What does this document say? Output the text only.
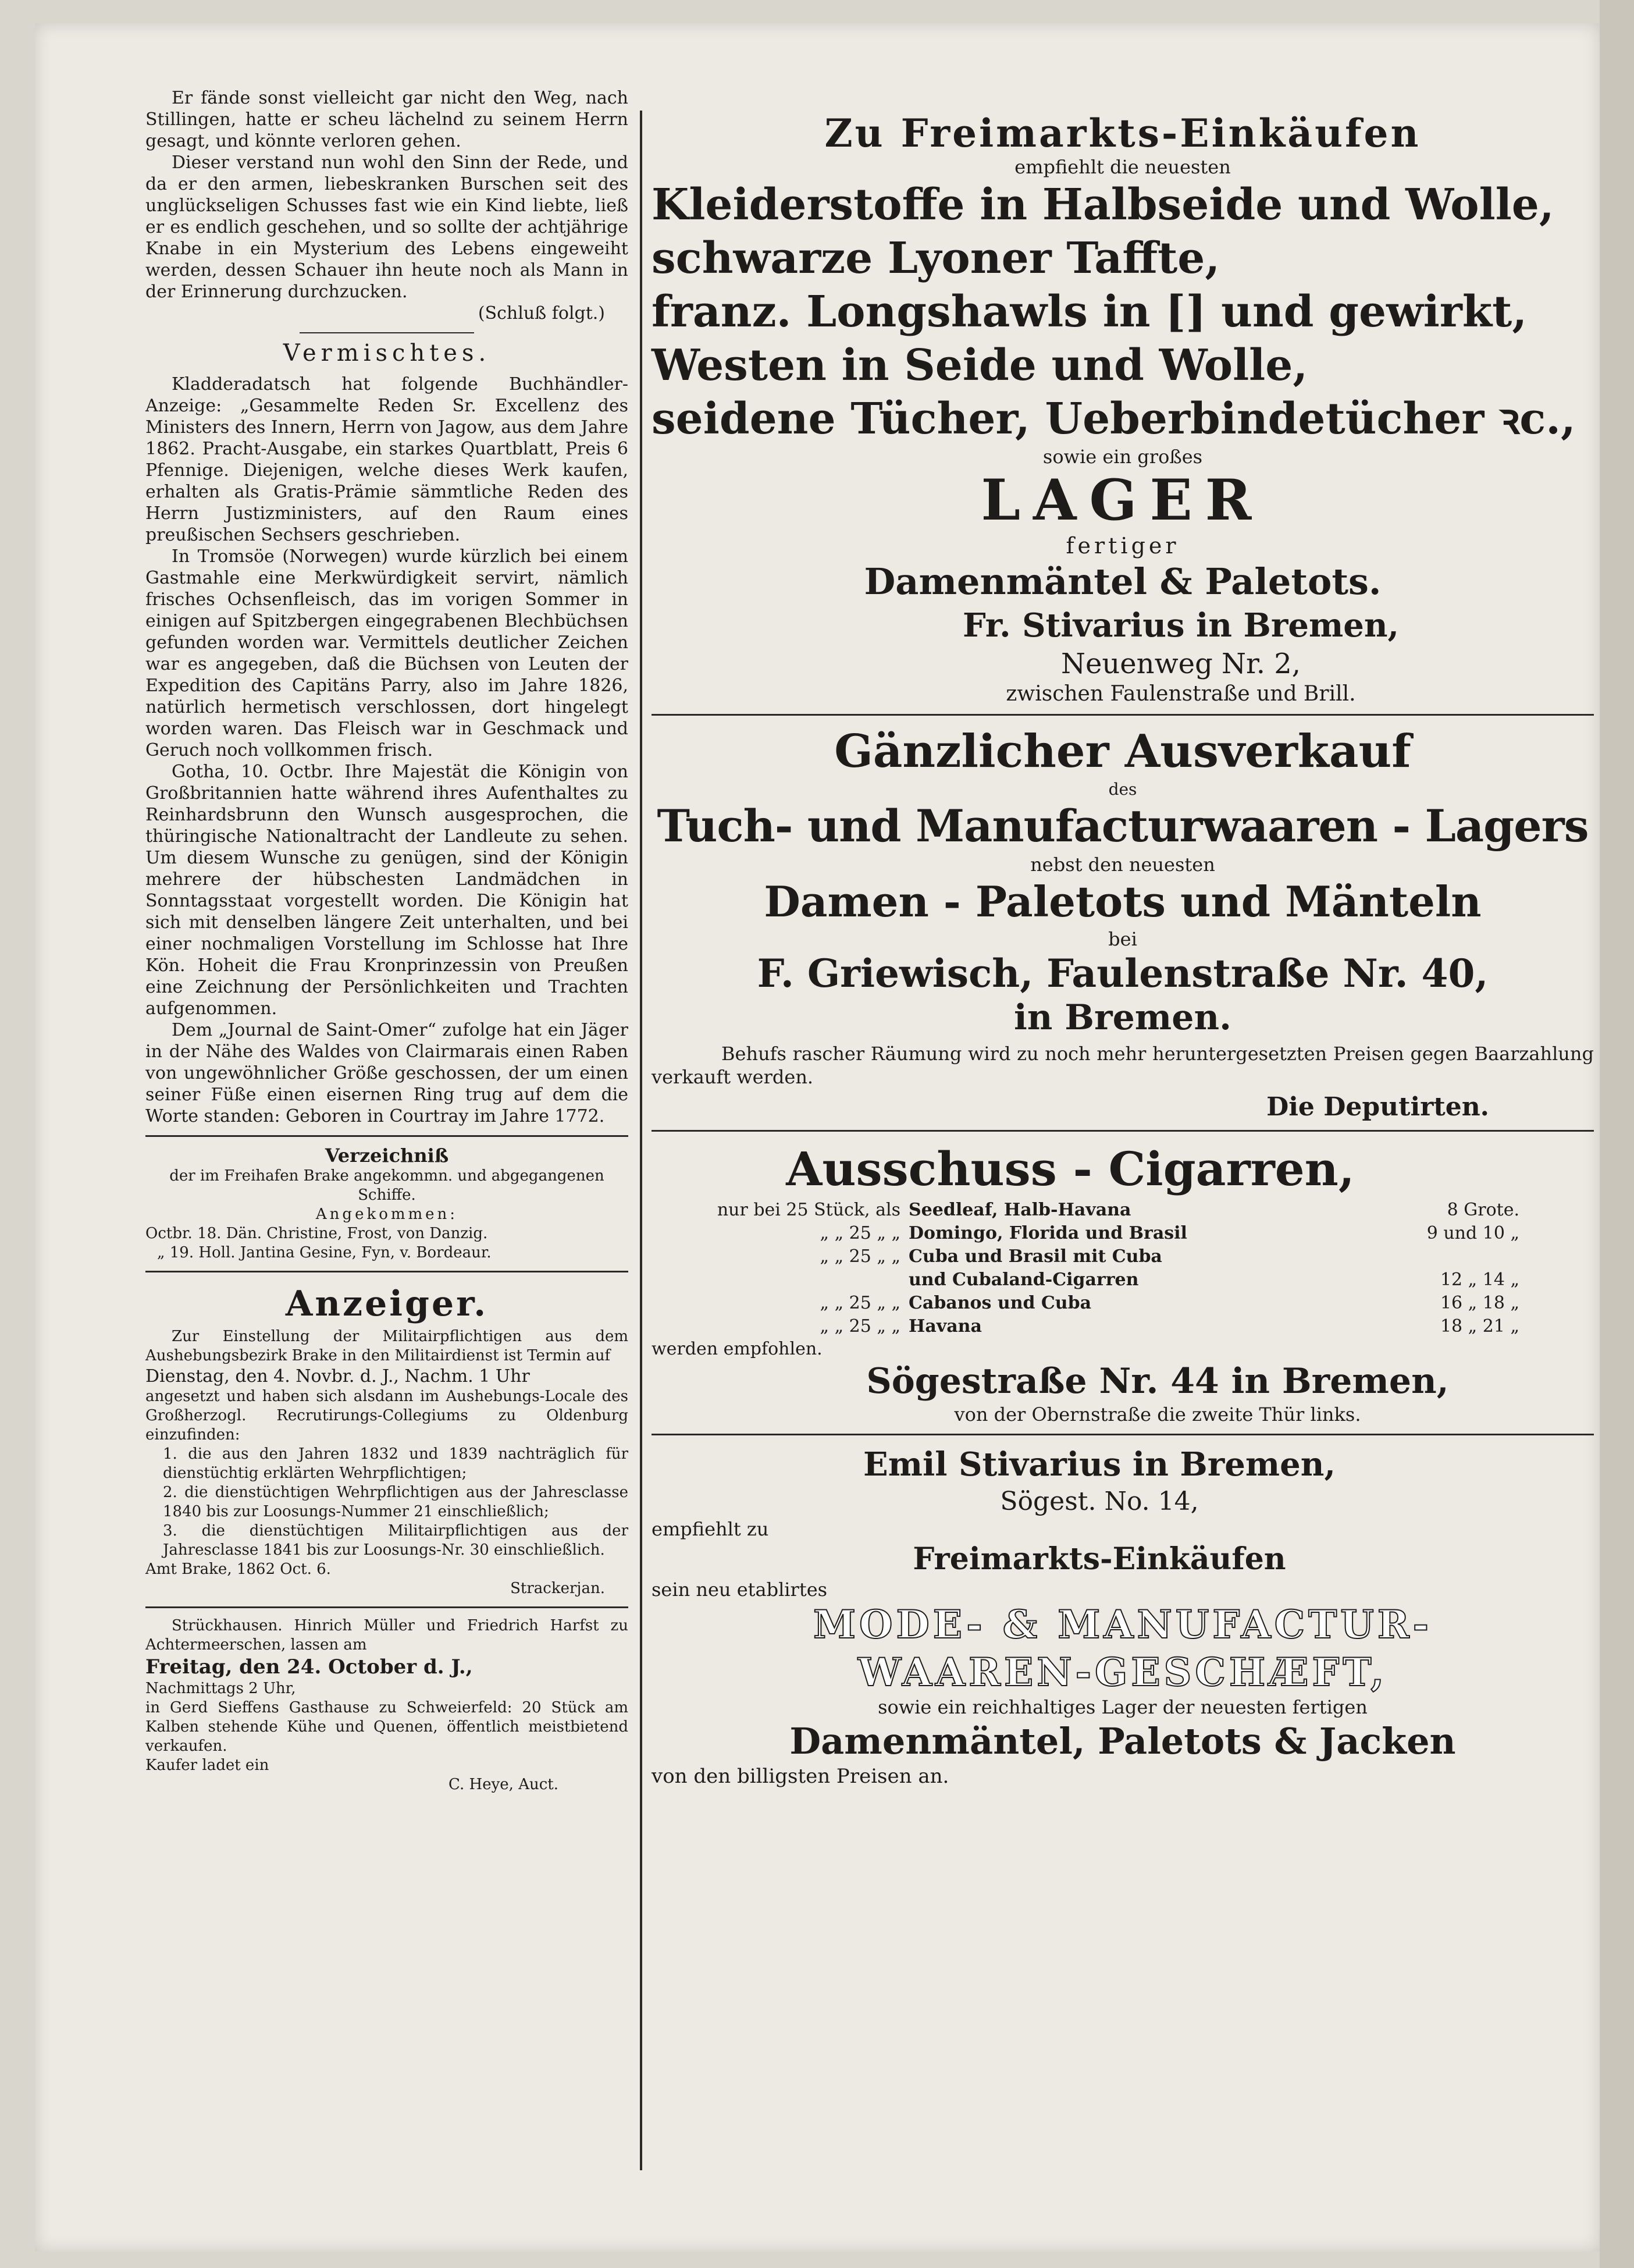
Er fände sonst vielleicht gar nicht den Weg, nach Stillingen, hatte er scheu lächelnd zu seinem Herrn gesagt, und könnte verloren gehen.

Dieser verstand nun wohl den Sinn der Rede, und da er den armen, liebeskranken Burschen seit des unglückseligen Schusses fast wie ein Kind liebte, ließ er es endlich geschehen, und so sollte der achtjährige Knabe in ein Mysterium des Lebens eingeweiht werden, dessen Schauer ihn heute noch als Mann in der Erinnerung durchzucken.

(Schluß folgt.)

Vermischtes.

Kladderadatsch hat folgende Buchhändler-Anzeige: „Gesammelte Reden Sr. Excellenz des Ministers des Innern, Herrn von Jagow, aus dem Jahre 1862. Pracht-Ausgabe, ein starkes Quartblatt, Preis 6 Pfennige. Diejenigen, welche dieses Werk kaufen, erhalten als Gratis-Prämie sämmtliche Reden des Herrn Justizministers, auf den Raum eines preußischen Sechsers geschrieben.

In Tromsöe (Norwegen) wurde kürzlich bei einem Gastmahle eine Merkwürdigkeit servirt, nämlich frisches Ochsenfleisch, das im vorigen Sommer in einigen auf Spitzbergen eingegrabenen Blechbüchsen gefunden worden war. Vermittels deutlicher Zeichen war es angegeben, daß die Büchsen von Leuten der Expedition des Capitäns Parry, also im Jahre 1826, natürlich hermetisch verschlossen, dort hingelegt worden waren. Das Fleisch war in Geschmack und Geruch noch vollkommen frisch.

Gotha, 10. Octbr. Ihre Majestät die Königin von Großbritannien hatte während ihres Aufenthaltes zu Reinhardsbrunn den Wunsch ausgesprochen, die thüringische Nationaltracht der Landleute zu sehen. Um diesem Wunsche zu genügen, sind der Königin mehrere der hübschesten Landmädchen in Sonntagsstaat vorgestellt worden. Die Königin hat sich mit denselben längere Zeit unterhalten, und bei einer nochmaligen Vorstellung im Schlosse hat Ihre Kön. Hoheit die Frau Kronprinzessin von Preußen eine Zeichnung der Persönlichkeiten und Trachten aufgenommen.

Dem „Journal de Saint-Omer“ zufolge hat ein Jäger in der Nähe des Waldes von Clairmarais einen Raben von ungewöhnlicher Größe geschossen, der um einen seiner Füße einen eisernen Ring trug auf dem die Worte standen: Geboren in Courtray im Jahre 1772.

Verzeichniß
der im Freihafen Brake angekommn. und abgegangenen Schiffe.
Angekommen:
Octbr. 18. Dän. Christine, Frost, von Danzig.
„ 19. Holl. Jantina Gesine, Fyn, v. Bordeaur.
Anzeiger.

Zur Einstellung der Militairpflichtigen aus dem Aushebungsbezirk Brake in den Militairdienst ist Termin auf

Dienstag, den 4. Novbr. d. J., Nachm. 1 Uhr

angesetzt und haben sich alsdann im Aushebungs-Locale des Großherzogl. Recrutirungs-Collegiums zu Oldenburg einzufinden:

1. die aus den Jahren 1832 und 1839 nachträglich für dienstüchtig erklärten Wehrpflichtigen;

2. die dienstüchtigen Wehrpflichtigen aus der Jahresclasse 1840 bis zur Loosungs-Nummer 21 einschließlich;

3. die dienstüchtigen Militairpflichtigen aus der Jahresclasse 1841 bis zur Loosungs-Nr. 30 einschließlich.

Amt Brake, 1862 Oct. 6.

Strackerjan.

Strückhausen. Hinrich Müller und Friedrich Harfst zu Achtermeerschen, lassen am

Freitag, den 24. October d. J.,

Nachmittags 2 Uhr,

in Gerd Sieffens Gasthause zu Schweierfeld: 20 Stück am Kalben stehende Kühe und Quenen, öffentlich meistbietend verkaufen.

Kaufer ladet ein

C. Heye, Auct.

Zu Freimarkts-Einkäufen
empfiehlt die neuesten
Kleiderstoffe in Halbseide und Wolle,
schwarze Lyoner Taffte,
franz. Longshawls in [] und gewirkt,
Westen in Seide und Wolle,
seidene Tücher, Ueberbindetücher ꝛc.,
sowie ein großes
LAGER
fertiger
Damenmäntel & Paletots.
Fr. Stivarius in Bremen,
Neuenweg Nr. 2,
zwischen Faulenstraße und Brill.
Gänzlicher Ausverkauf
des
Tuch- und Manufacturwaaren - Lagers
nebst den neuesten
Damen - Paletots und Mänteln
bei
F. Griewisch, Faulenstraße Nr. 40,
in Bremen.

Behufs rascher Räumung wird zu noch mehr heruntergesetzten Preisen gegen Baarzahlung verkauft werden.

Die Deputirten.
Ausschuss - Cigarren,
nur bei 25 Stück, als	Seedleaf, Halb-Havana	8 Grote.
„ „ 25 „ „	Domingo, Florida und Brasil	9 und 10 „
„ „ 25 „ „	Cuba und Brasil mit Cuba	
	und Cubaland-Cigarren	12 „ 14 „
„ „ 25 „ „	Cabanos und Cuba	16 „ 18 „
„ „ 25 „ „	Havana	18 „ 21 „
werden empfohlen.
Sögestraße Nr. 44 in Bremen,
von der Obernstraße die zweite Thür links.
Emil Stivarius in Bremen,
Sögest. No. 14,
empfiehlt zu
Freimarkts-Einkäufen
sein neu etablirtes
MODE- & MANUFACTUR-
WAAREN-GESCHÆFT,
sowie ein reichhaltiges Lager der neuesten fertigen
Damenmäntel, Paletots & Jacken
von den billigsten Preisen an.
